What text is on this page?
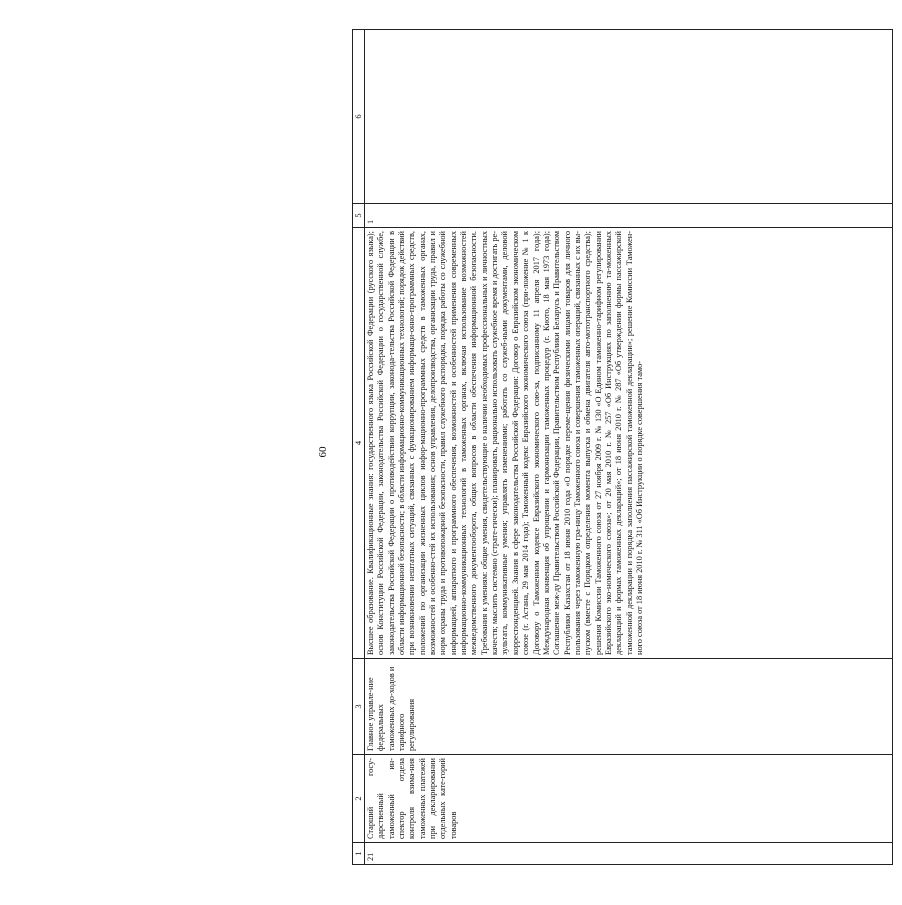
60
1	2	3	4	5	6
21	Старший госу-дарственный таможенный ин-спектор отдела контроля взима-ния таможенных платежей при декларировании отдельных кате-горий товаров	Главное управле-ние федеральных таможенных до-ходов и тарифного регулирования	Высшее образование. Квалификационные знания: государственного языка Российской Федерации (русского языка); основ Конституции Российской Федерации, законодательства Российской Федерации о государственной службе, законодательства Российской Федерации о противодействии коррупции, законода-тельства Российской Федерации в области информационной безопасности; в области информационно-коммуникационных технологий; порядок действий при возникновении нештатных ситуаций, связанных с функционированием информаци-онно-программных средств, положений по организации жизненных циклов инфор-мационно-программных средств в таможенных органах, возможностей и особенно-стей их использования; основ управления, делопроизводства, организации труда, правил и норм охраны труда и противопожарной безопасности, правил служебного распорядка, порядка работы со служебной информацией, аппаратного и программного обеспечения, возможностей и особенностей применения современных информационно-коммуникационных технологий в таможенных органах, включая использование возможностей межведомственного документооборота, общих вопросов в области обеспечения информационной безопасности. Требования к умениям: общие умения, свидетельствующие о наличии необходимых профессиональных и личностных качеств; мыслить системно (страте-гически); планировать, рационально использовать служебное время и достигать ре-зультата, коммуникативные умения; управлять изменениями; работать со служеб-ными документами, деловой корреспонденцией. Знания в сфере законодательства Российской Федерации: Договор о Евразийском экономическом союзе (г. Астана, 29 мая 2014 года); Таможенный кодекс Евразийского экономического союза (при-ложение № 1 к Договору о Таможенном кодексе Евразийского экономического сою-за, подписанному 11 апреля 2017 года); Международная конвенция об упрощении и гармонизации таможенных процедур (г. Киото, 18 мая 1973 года); Соглашение меж-ду Правительством Российской Федерации, Правительством Республики Беларусь и Правительством Республики Казахстан от 18 июня 2010 года «О порядке переме-щения физическими лицами товаров для личного пользования через таможенную гра-ницу Таможенного союза и совершения таможенных операций, связанных с их вы-пуском (вместе с Порядком определения момента выпуска и обмена двигателя авто-мототранспортного средства); решения Комиссии Таможенного союза от 27 ноября 2009 г. № 130 «О Едином таможенно-тарифном регулировании Евразийского эко-номического союза»; от 20 мая 2010 г. № 257 «Об Инструкциях по заполнению та-моженных деклараций и формах таможенных деклараций»; от 18 июня 2010 г. № 287 «Об утверждении формы пассажирской таможенной декларации и порядка заполнения пассажирской таможенной декларации»; решение Комиссии Таможен-ного союза от 18 июня 2010 г. № 311 «Об Инструкции о порядке совершения тамо-	1	
